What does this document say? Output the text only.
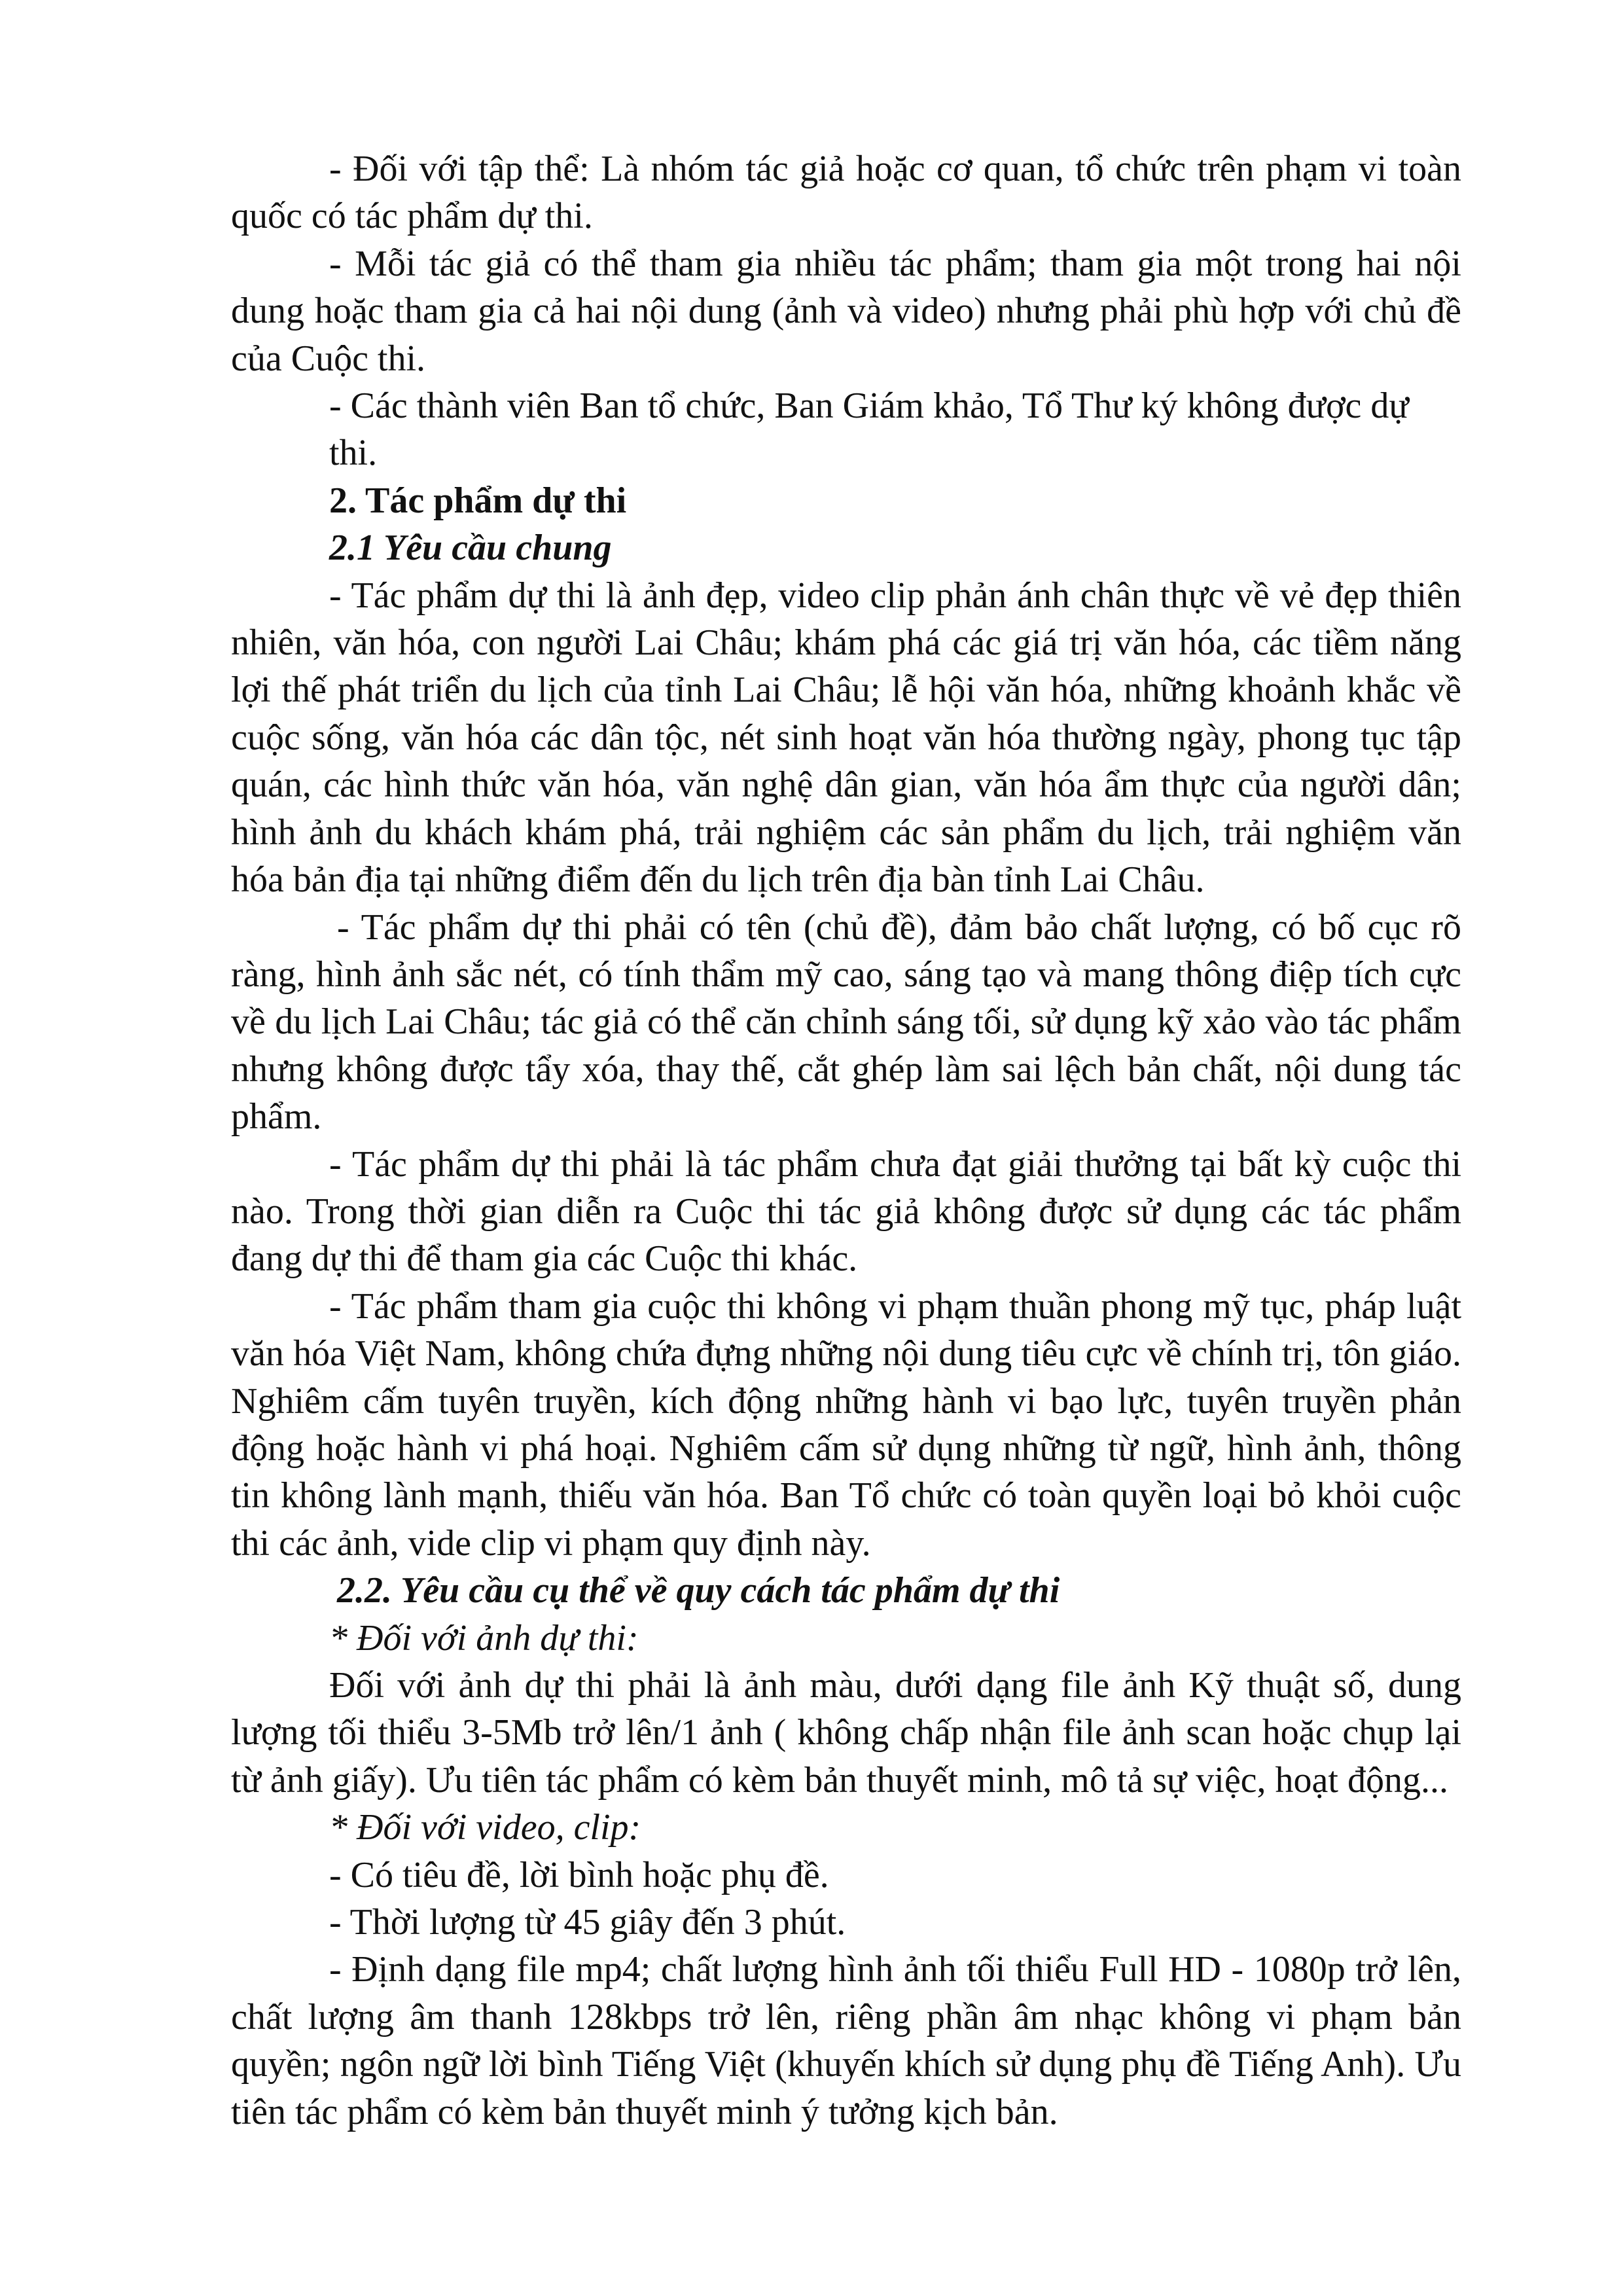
- Đối với tập thể: Là nhóm tác giả hoặc cơ quan, tổ chức trên phạm vi toàn quốc có tác phẩm dự thi.

- Mỗi tác giả có thể tham gia nhiều tác phẩm; tham gia một trong hai nội dung hoặc tham gia cả hai nội dung (ảnh và video) nhưng phải phù hợp với chủ đề của Cuộc thi.

- Các thành viên Ban tổ chức, Ban Giám khảo, Tổ Thư ký không được dự thi.

2. Tác phẩm dự thi

2.1 Yêu cầu chung

- Tác phẩm dự thi là ảnh đẹp, video clip phản ánh chân thực về vẻ đẹp thiên nhiên, văn hóa, con người Lai Châu; khám phá các giá trị văn hóa, các tiềm năng lợi thế phát triển du lịch của tỉnh Lai Châu; lễ hội văn hóa, những khoảnh khắc về cuộc sống, văn hóa các dân tộc, nét sinh hoạt văn hóa thường ngày, phong tục tập quán, các hình thức văn hóa, văn nghệ dân gian, văn hóa ẩm thực của người dân; hình ảnh du khách khám phá, trải nghiệm các sản phẩm du lịch, trải nghiệm văn hóa bản địa tại những điểm đến du lịch trên địa bàn tỉnh Lai Châu.

- Tác phẩm dự thi phải có tên (chủ đề), đảm bảo chất lượng, có bố cục rõ ràng, hình ảnh sắc nét, có tính thẩm mỹ cao, sáng tạo và mang thông điệp tích cực về du lịch Lai Châu; tác giả có thể căn chỉnh sáng tối, sử dụng kỹ xảo vào tác phẩm nhưng không được tẩy xóa, thay thế, cắt ghép làm sai lệch bản chất, nội dung tác phẩm.

- Tác phẩm dự thi phải là tác phẩm chưa đạt giải thưởng tại bất kỳ cuộc thi nào. Trong thời gian diễn ra Cuộc thi tác giả không được sử dụng các tác phẩm đang dự thi để tham gia các Cuộc thi khác.

- Tác phẩm tham gia cuộc thi không vi phạm thuần phong mỹ tục, pháp luật văn hóa Việt Nam, không chứa đựng những nội dung tiêu cực về chính trị, tôn giáo. Nghiêm cấm tuyên truyền, kích động những hành vi bạo lực, tuyên truyền phản động hoặc hành vi phá hoại. Nghiêm cấm sử dụng những từ ngữ, hình ảnh, thông tin không lành mạnh, thiếu văn hóa. Ban Tổ chức có toàn quyền loại bỏ khỏi cuộc thi các ảnh, vide clip vi phạm quy định này.

2.2. Yêu cầu cụ thể về quy cách tác phẩm dự thi

* Đối với ảnh dự thi:

Đối với ảnh dự thi phải là ảnh màu, dưới dạng file ảnh Kỹ thuật số, dung lượng tối thiểu 3-5Mb trở lên/1 ảnh ( không chấp nhận file ảnh scan hoặc chụp lại từ ảnh giấy). Ưu tiên tác phẩm có kèm bản thuyết minh, mô tả sự việc, hoạt động...

* Đối với video, clip:

- Có tiêu đề, lời bình hoặc phụ đề.

- Thời lượng từ 45 giây đến 3 phút.

- Định dạng file mp4; chất lượng hình ảnh tối thiểu Full HD - 1080p trở lên, chất lượng âm thanh 128kbps trở lên, riêng phần âm nhạc không vi phạm bản quyền; ngôn ngữ lời bình Tiếng Việt (khuyến khích sử dụng phụ đề Tiếng Anh). Ưu tiên tác phẩm có kèm bản thuyết minh ý tưởng kịch bản.
